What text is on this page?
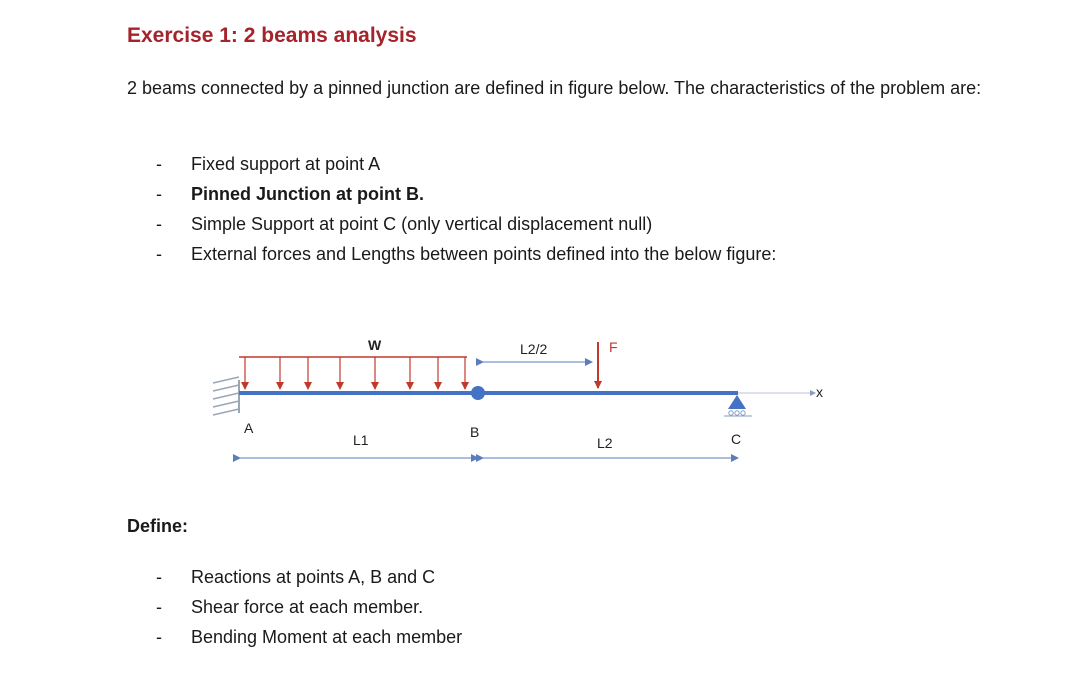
Exercise 1: 2 beams analysis

2 beams connected by a pinned junction are defined in figure below. The characteristics of the problem are:

- Fixed support at point A
- Pinned Junction at point B.
- Simple Support at point C (only vertical displacement null)
- External forces and Lengths between points defined into the below figure:
W
x
L2/2	F
A	B	C
L1	L2

Define:

- Reactions at points A, B and C
- Shear force at each member.
- Bending Moment at each member
